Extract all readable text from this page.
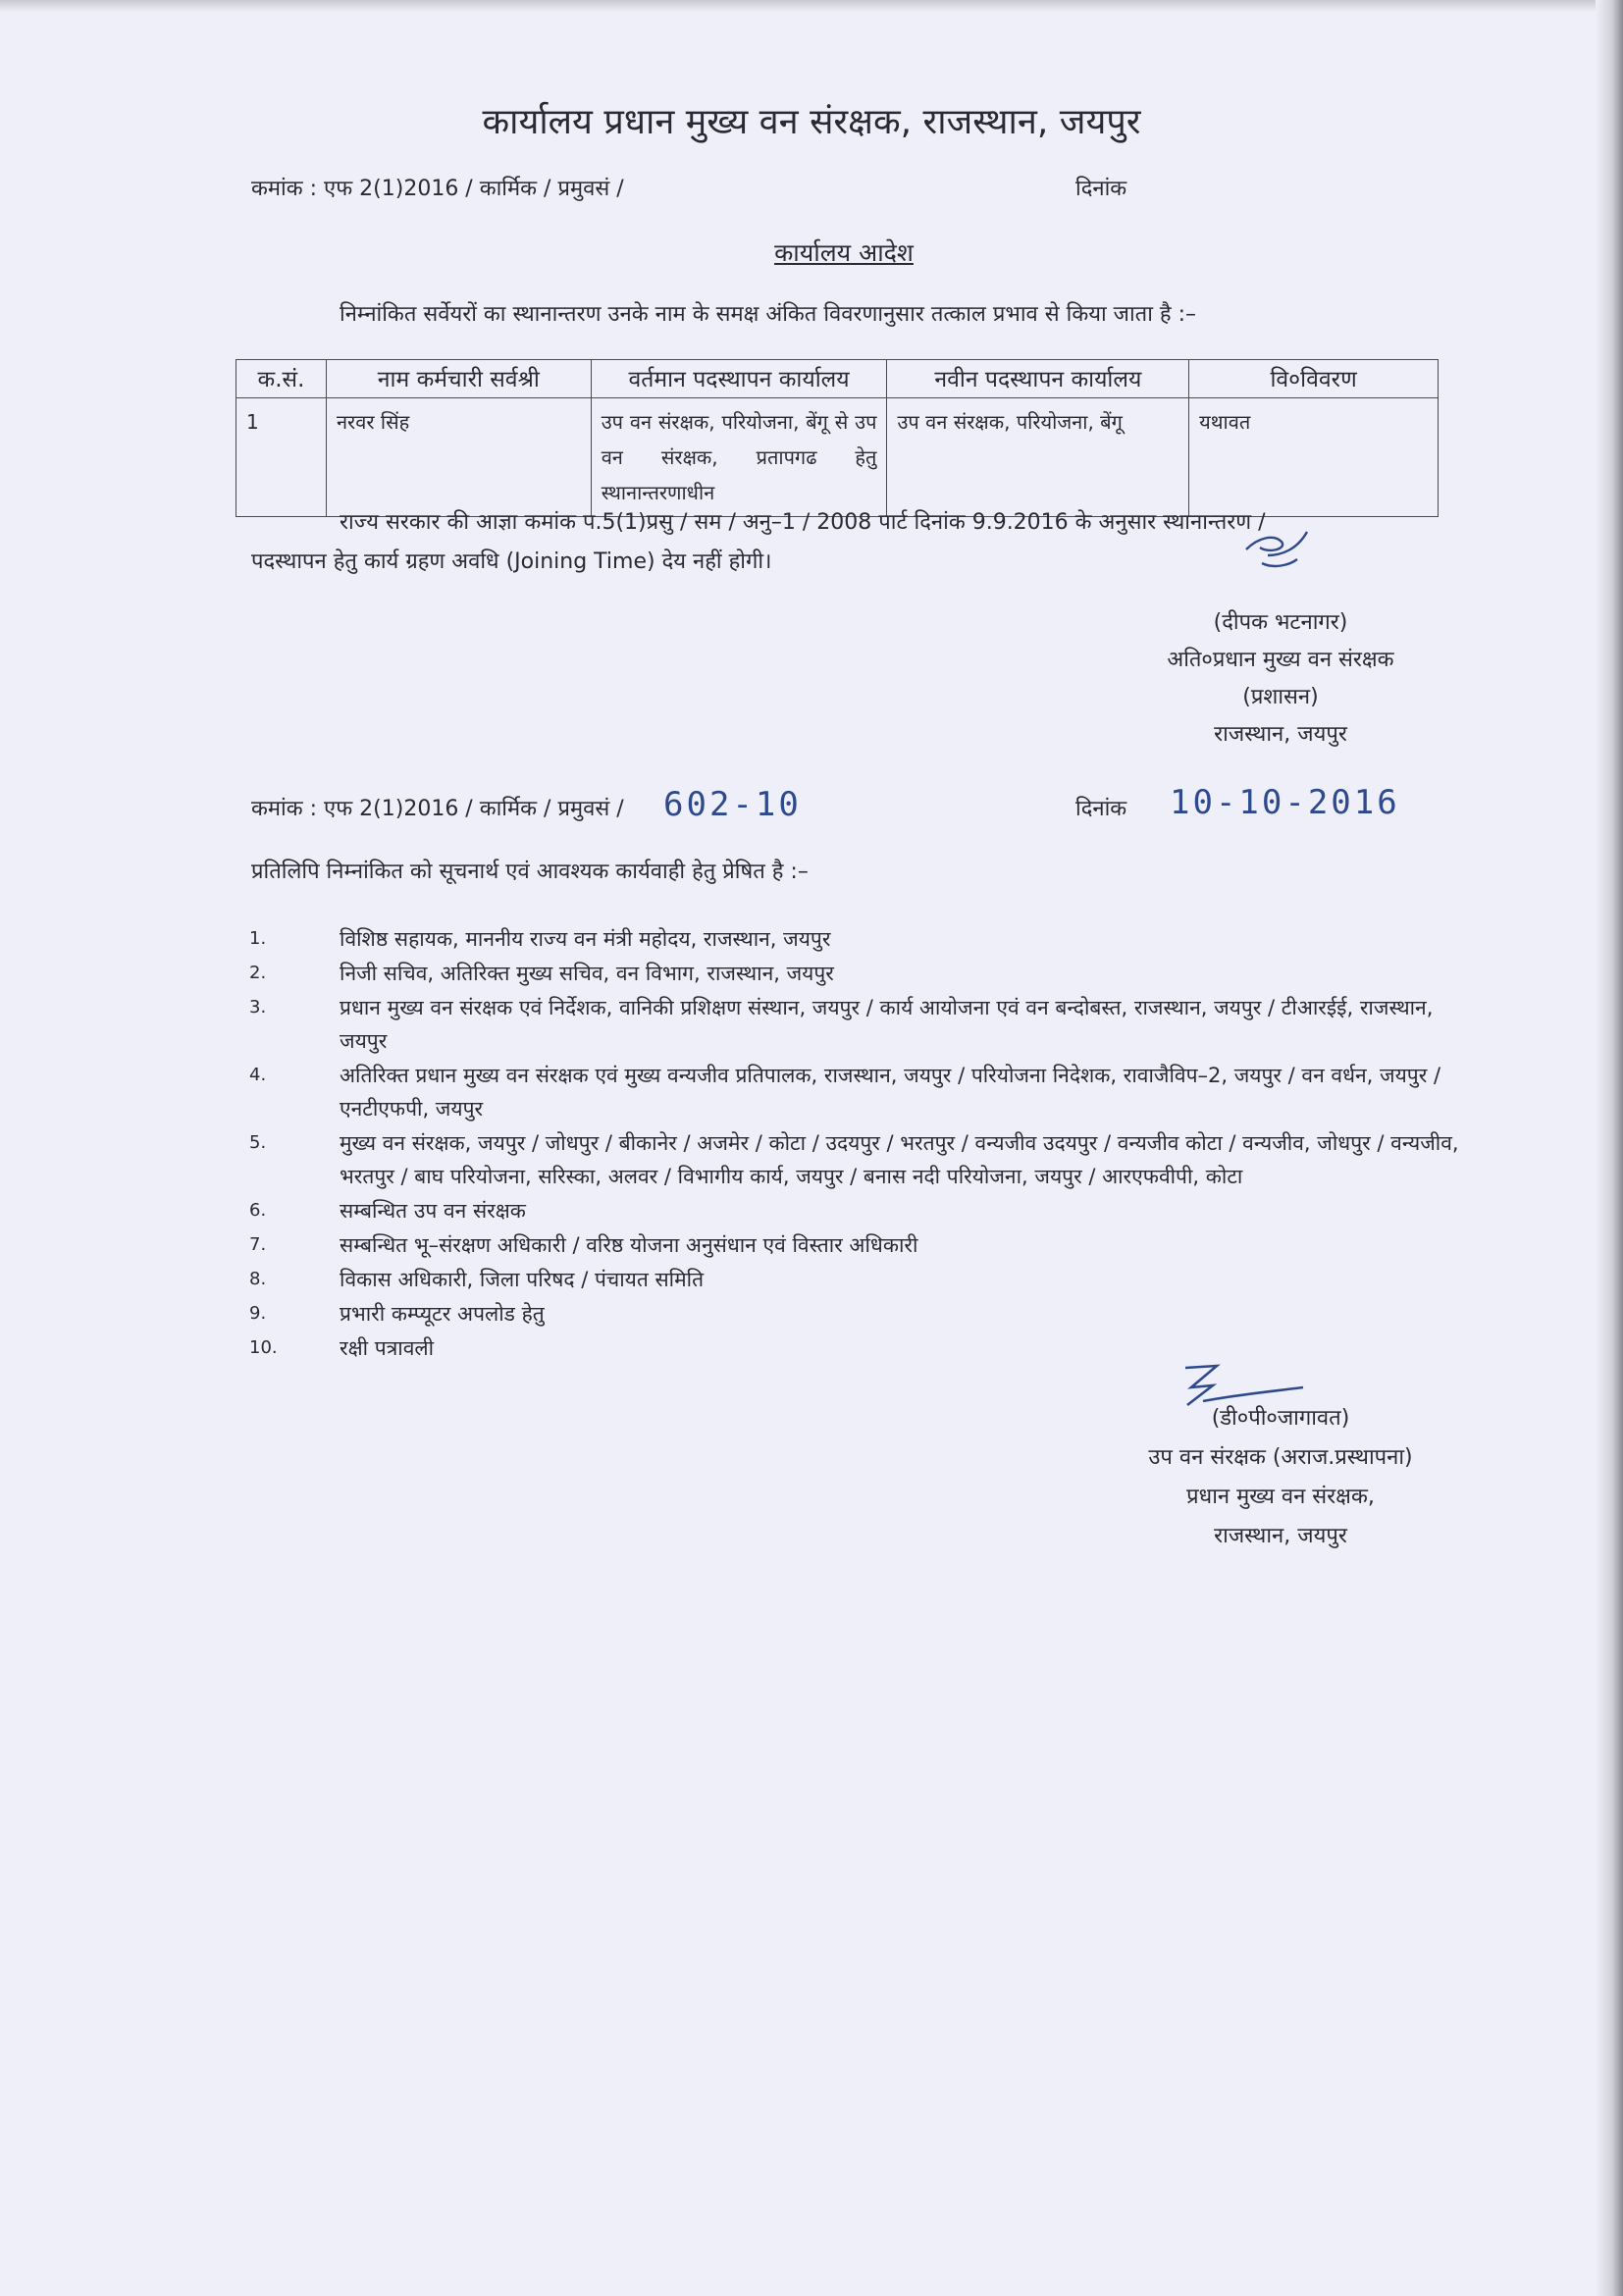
कार्यालय प्रधान मुख्य वन संरक्षक, राजस्थान, जयपुर
कमांक : एफ 2(1)2016 / कार्मिक / प्रमुवसं /	दिनांक
कार्यालय आदेश
निम्नांकित सर्वेयरों का स्थानान्तरण उनके नाम के समक्ष अंकित विवरणानुसार तत्काल प्रभाव से किया जाता है :–
क.सं.	नाम कर्मचारी सर्वश्री	वर्तमान पदस्थापन कार्यालय	नवीन पदस्थापन कार्यालय	वि०विवरण
1	नरवर सिंह	उप वन संरक्षक, परियोजना, बेंगू से उप वन संरक्षक, प्रतापगढ हेतु स्थानान्तरणाधीन	उप वन संरक्षक, परियोजना, बेंगू	यथावत
राज्य सरकार की आज्ञा कमांक प.5(1)प्रसु / सम / अनु–1 / 2008 पार्ट दिनांक 9.9.2016 के अनुसार स्थानान्तरण /
पदस्थापन हेतु कार्य ग्रहण अवधि (Joining Time) देय नहीं होगी।
(दीपक भटनागर)
अति०प्रधान मुख्य वन संरक्षक
(प्रशासन)
राजस्थान, जयपुर
कमांक : एफ 2(1)2016 / कार्मिक / प्रमुवसं / 602-10	दिनांक 10-10-2016
प्रतिलिपि निम्नांकित को सूचनार्थ एवं आवश्यक कार्यवाही हेतु प्रेषित है :–
1.	विशिष्ठ सहायक, माननीय राज्य वन मंत्री महोदय, राजस्थान, जयपुर
2.	निजी सचिव, अतिरिक्त मुख्य सचिव, वन विभाग, राजस्थान, जयपुर
3.	प्रधान मुख्य वन संरक्षक एवं निर्देशक, वानिकी प्रशिक्षण संस्थान, जयपुर / कार्य आयोजना एवं वन बन्दोबस्त, राजस्थान, जयपुर / टीआरईई, राजस्थान, जयपुर
4.	अतिरिक्त प्रधान मुख्य वन संरक्षक एवं मुख्य वन्यजीव प्रतिपालक, राजस्थान, जयपुर / परियोजना निदेशक, रावाजैविप–2, जयपुर / वन वर्धन, जयपुर / एनटीएफपी, जयपुर
5.	मुख्य वन संरक्षक, जयपुर / जोधपुर / बीकानेर / अजमेर / कोटा / उदयपुर / भरतपुर / वन्यजीव उदयपुर / वन्यजीव कोटा / वन्यजीव, जोधपुर / वन्यजीव, भरतपुर / बाघ परियोजना, सरिस्का, अलवर / विभागीय कार्य, जयपुर / बनास नदी परियोजना, जयपुर / आरएफवीपी, कोटा
6.	सम्बन्धित उप वन संरक्षक
7.	सम्बन्धित भू–संरक्षण अधिकारी / वरिष्ठ योजना अनुसंधान एवं विस्तार अधिकारी
8.	विकास अधिकारी, जिला परिषद / पंचायत समिति
9.	प्रभारी कम्प्यूटर अपलोड हेतु
10.	रक्षी पत्रावली
(डी०पी०जागावत)
उप वन संरक्षक (अराज.प्रस्थापना)
प्रधान मुख्य वन संरक्षक,
राजस्थान, जयपुर
